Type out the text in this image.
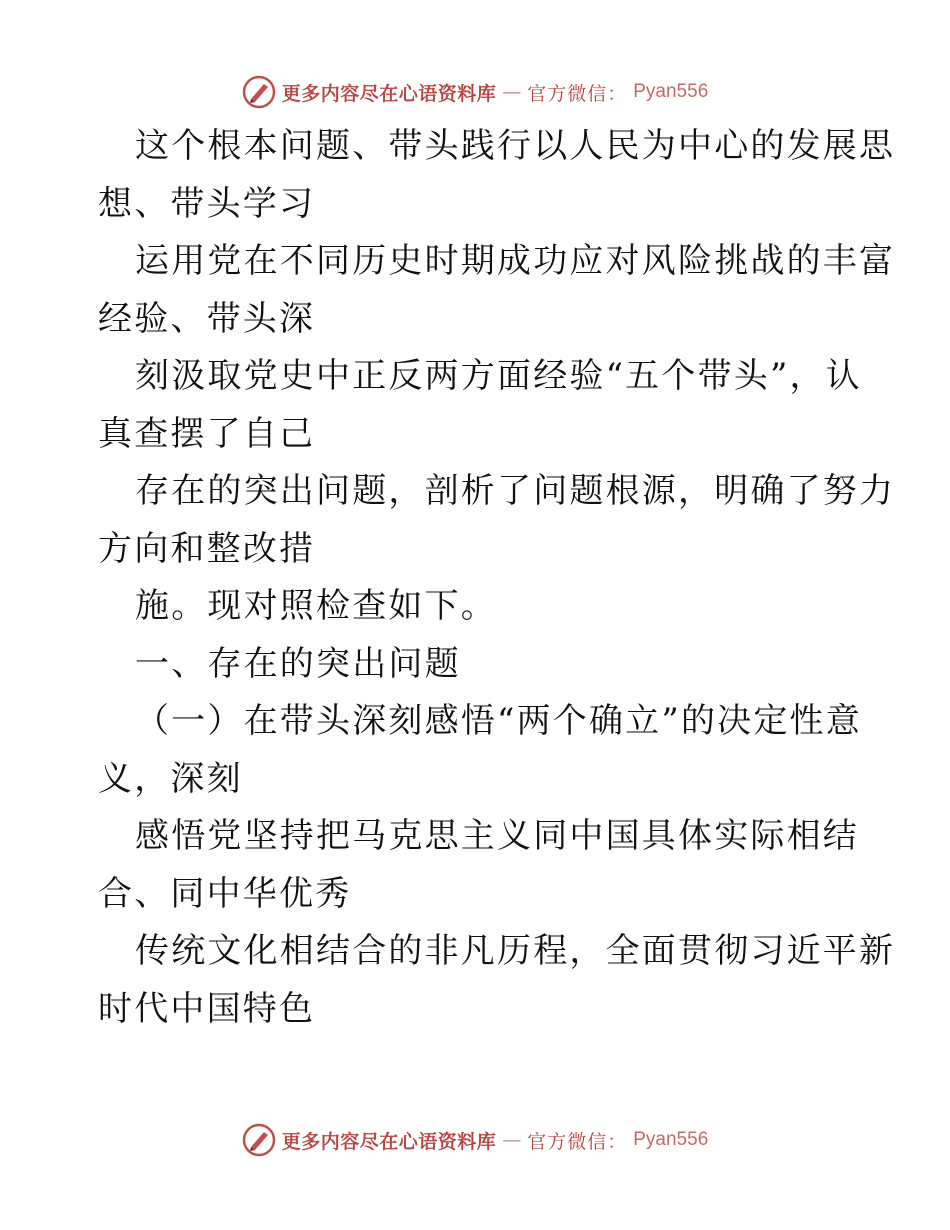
更多内容尽在心语资料库 — 官方微信： Pyan556
这个根本问题、带头践行以人民为中心的发展思
想、带头学习
运用党在不同历史时期成功应对风险挑战的丰富
经验、带头深
刻汲取党史中正反两方面经验“五个带头”，认
真查摆了自己
存在的突出问题，剖析了问题根源，明确了努力
方向和整改措
施。现对照检查如下。
一、存在的突出问题
（一）在带头深刻感悟“两个确立”的决定性意
义，深刻
感悟党坚持把马克思主义同中国具体实际相结
合、同中华优秀
传统文化相结合的非凡历程，全面贯彻习近平新
时代中国特色
更多内容尽在心语资料库 — 官方微信： Pyan556
